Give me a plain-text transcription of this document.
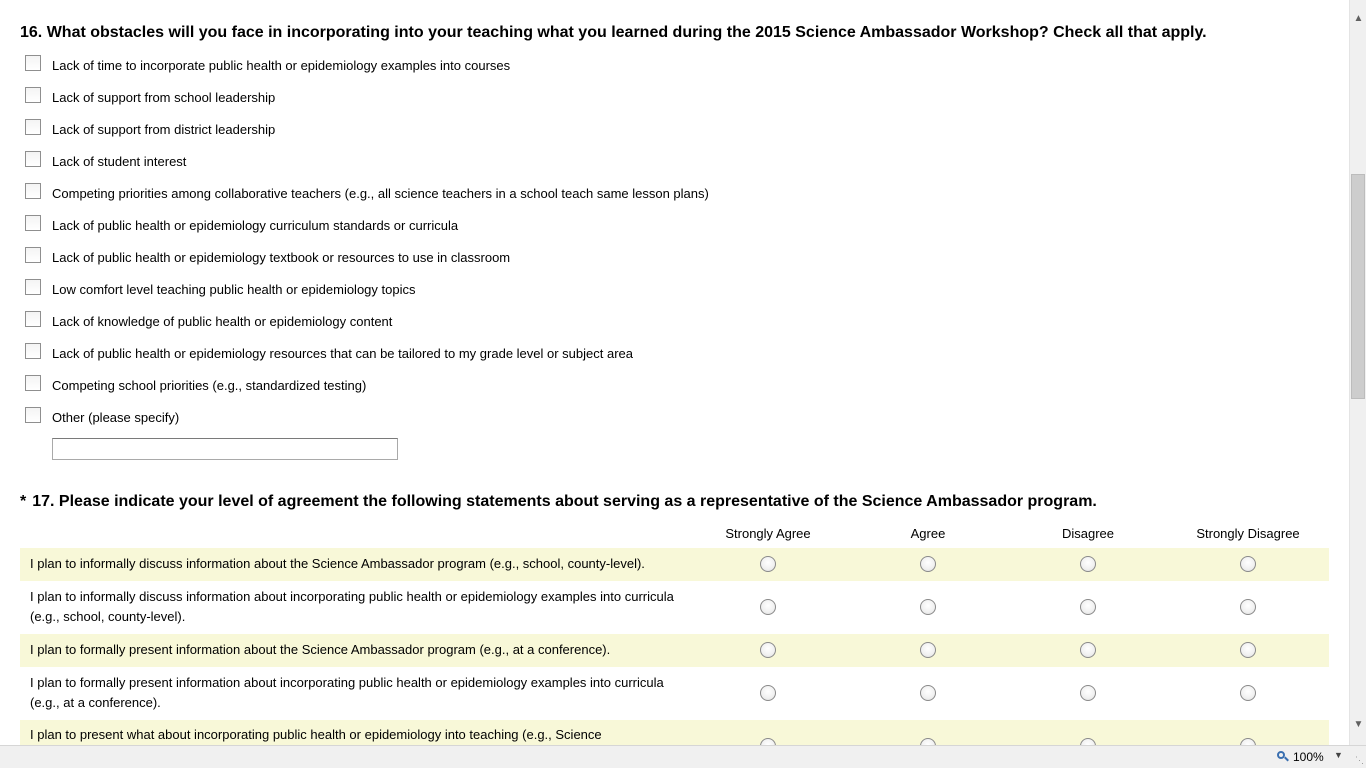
16. What obstacles will you face in incorporating into your teaching what you learned during the 2015 Science Ambassador Workshop? Check all that apply.
Lack of time to incorporate public health or epidemiology examples into courses
Lack of support from school leadership
Lack of support from district leadership
Lack of student interest
Competing priorities among collaborative teachers (e.g., all science teachers in a school teach same lesson plans)
Lack of public health or epidemiology curriculum standards or curricula
Lack of public health or epidemiology textbook or resources to use in classroom
Low comfort level teaching public health or epidemiology topics
Lack of knowledge of public health or epidemiology content
Lack of public health or epidemiology resources that can be tailored to my grade level or subject area
Competing school priorities (e.g., standardized testing)
Other (please specify)
* 17. Please indicate your level of agreement the following statements about serving as a representative of the Science Ambassador program.
Strongly Agree	Agree	Disagree	Strongly Disagree
I plan to informally discuss information about the Science Ambassador program (e.g., school, county-level).
I plan to informally discuss information about incorporating public health or epidemiology examples into curricula (e.g., school, county-level).
I plan to formally present information about the Science Ambassador program (e.g., at a conference).
I plan to formally present information about incorporating public health or epidemiology examples into curricula (e.g., at a conference).
I plan to present what about incorporating public health or epidemiology into teaching (e.g., Science
▲
▼
100% ▼ ⋱
